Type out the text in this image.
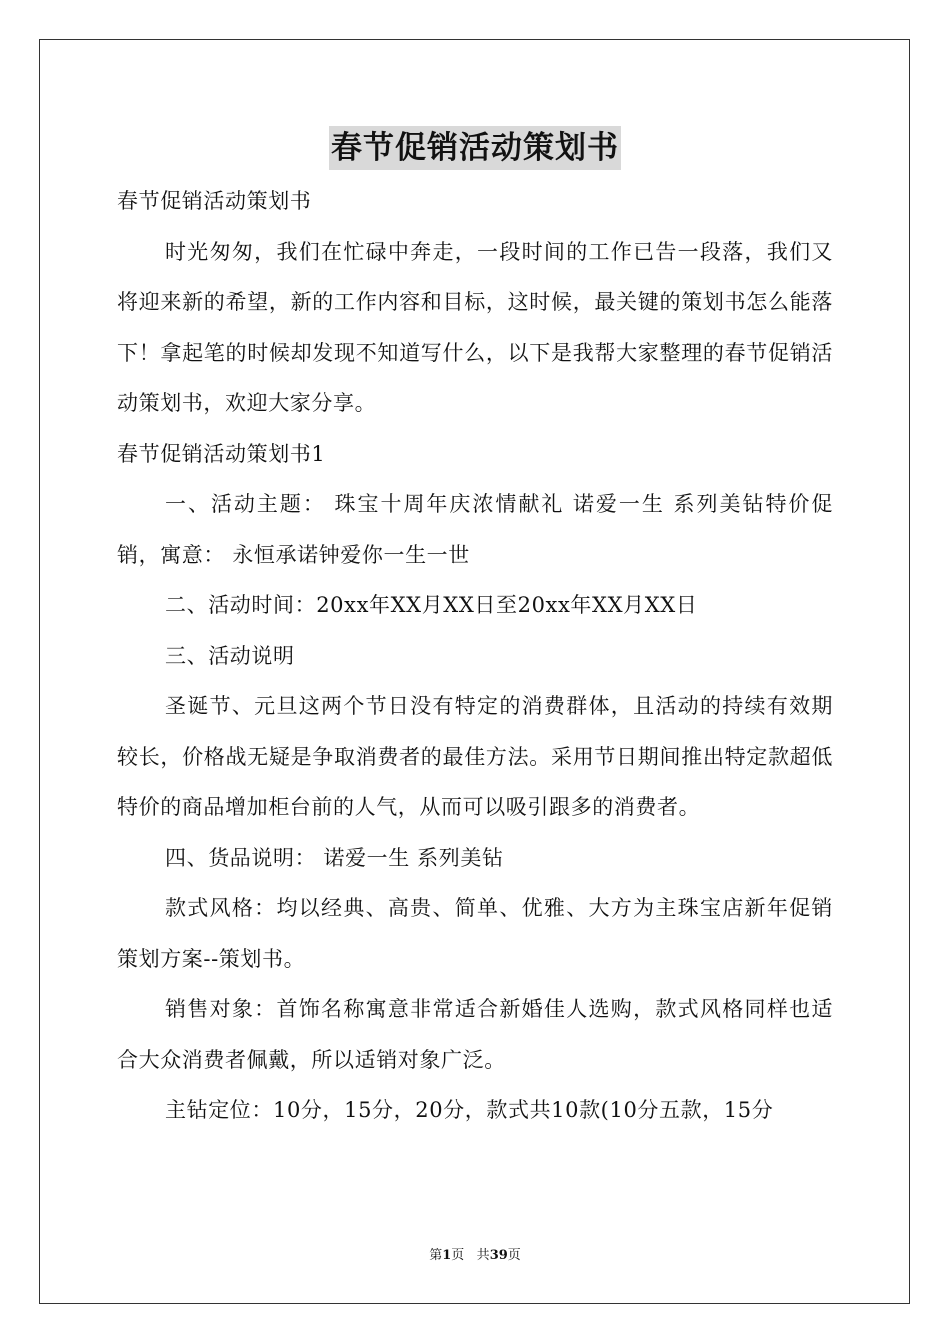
春节促销活动策划书

春节促销活动策划书

时光匆匆，我们在忙碌中奔走，一段时间的工作已告一段落，我们又将迎来新的希望，新的工作内容和目标，这时候，最关键的策划书怎么能落下！拿起笔的时候却发现不知道写什么，以下是我帮大家整理的春节促销活动策划书，欢迎大家分享。

春节促销活动策划书1

一、活动主题： 珠宝十周年庆浓情献礼 诺爱一生 系列美钻特价促销，寓意： 永恒承诺钟爱你一生一世

二、活动时间：20xx年XX月XX日至20xx年XX月XX日

三、活动说明

圣诞节、元旦这两个节日没有特定的消费群体，且活动的持续有效期较长，价格战无疑是争取消费者的最佳方法。采用节日期间推出特定款超低特价的商品增加柜台前的人气，从而可以吸引跟多的消费者。

四、货品说明： 诺爱一生 系列美钻

款式风格：均以经典、高贵、简单、优雅、大方为主珠宝店新年促销策划方案--策划书。

销售对象：首饰名称寓意非常适合新婚佳人选购，款式风格同样也适合大众消费者佩戴，所以适销对象广泛。

主钻定位：10分，15分，20分，款式共10款(10分五款，15分

第1页 共39页
